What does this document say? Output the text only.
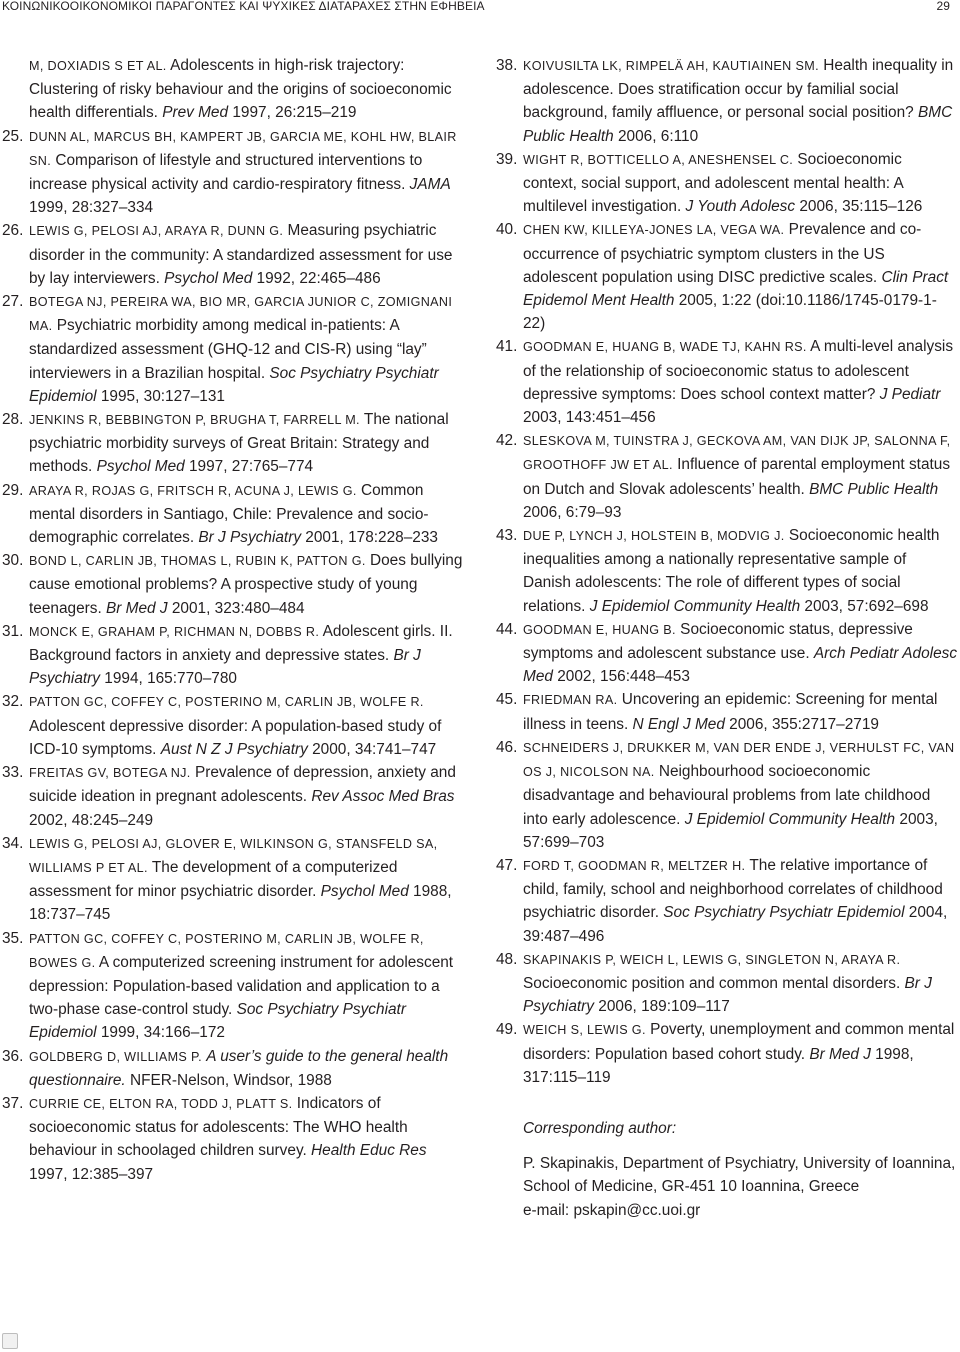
ΚΟΙΝΩΝΙΚΟΟΙΚΟΝΟΜΙΚΟΙ ΠΑΡΑΓΟΝΤΕΣ ΚΑΙ ΨΥΧΙΚΕΣ ΔΙΑΤΑΡΑΧΕΣ ΣΤΗΝ ΕΦΗΒΕΙΑ	29
M, DOXIADIS S ET AL. Adolescents in high-risk trajectory: Clustering of risky behaviour and the origins of socioeconomic health differentials. Prev Med 1997, 26:215–219
25. DUNN AL, MARCUS BH, KAMPERT JB, GARCIA ME, KOHL HW, BLAIR SN. Comparison of lifestyle and structured interventions to increase physical activity and cardio-respiratory fitness. JAMA 1999, 28:327–334
26. LEWIS G, PELOSI AJ, ARAYA R, DUNN G. Measuring psychiatric disorder in the community: A standardized assessment for use by lay interviewers. Psychol Med 1992, 22:465–486
27. BOTEGA NJ, PEREIRA WA, BIO MR, GARCIA JUNIOR C, ZOMIGNANI MA. Psychiatric morbidity among medical in-patients: A standardized assessment (GHQ-12 and CIS-R) using “lay” interviewers in a Brazilian hospital. Soc Psychiatry Psychiatr Epidemiol 1995, 30:127–131
28. JENKINS R, BEBBINGTON P, BRUGHA T, FARRELL M. The national psychiatric morbidity surveys of Great Britain: Strategy and methods. Psychol Med 1997, 27:765–774
29. ARAYA R, ROJAS G, FRITSCH R, ACUNA J, LEWIS G. Common mental disorders in Santiago, Chile: Prevalence and socio-demographic correlates. Br J Psychiatry 2001, 178:228–233
30. BOND L, CARLIN JB, THOMAS L, RUBIN K, PATTON G. Does bullying cause emotional problems? A prospective study of young teenagers. Br Med J 2001, 323:480–484
31. MONCK E, GRAHAM P, RICHMAN N, DOBBS R. Adolescent girls. II. Background factors in anxiety and depressive states. Br J Psychiatry 1994, 165:770–780
32. PATTON GC, COFFEY C, POSTERINO M, CARLIN JB, WOLFE R. Adolescent depressive disorder: A population-based study of ICD-10 symptoms. Aust N Z J Psychiatry 2000, 34:741–747
33. FREITAS GV, BOTEGA NJ. Prevalence of depression, anxiety and suicide ideation in pregnant adolescents. Rev Assoc Med Bras 2002, 48:245–249
34. LEWIS G, PELOSI AJ, GLOVER E, WILKINSON G, STANSFELD SA, WILLIAMS P ET AL. The development of a computerized assessment for minor psychiatric disorder. Psychol Med 1988, 18:737–745
35. PATTON GC, COFFEY C, POSTERINO M, CARLIN JB, WOLFE R, BOWES G. A computerized screening instrument for adolescent depression: Population-based validation and application to a two-phase case-control study. Soc Psychiatry Psychiatr Epidemiol 1999, 34:166–172
36. GOLDBERG D, WILLIAMS P. A user’s guide to the general health questionnaire. NFER-Nelson, Windsor, 1988
37. CURRIE CE, ELTON RA, TODD J, PLATT S. Indicators of socioeconomic status for adolescents: The WHO health behaviour in schoolaged children survey. Health Educ Res 1997, 12:385–397
38. KOIVUSILTA LK, RIMPELÄ AH, KAUTIAINEN SM. Health inequality in adolescence. Does stratification occur by familial social background, family affluence, or personal social position? BMC Public Health 2006, 6:110
39. WIGHT R, BOTTICELLO A, ANESHENSEL C. Socioeconomic context, social support, and adolescent mental health: A multilevel investigation. J Youth Adolesc 2006, 35:115–126
40. CHEN KW, KILLEYA-JONES LA, VEGA WA. Prevalence and co-occurrence of psychiatric symptom clusters in the US adolescent population using DISC predictive scales. Clin Pract Epidemol Ment Health 2005, 1:22 (doi:10.1186/1745-0179-1-22)
41. GOODMAN E, HUANG B, WADE TJ, KAHN RS. A multi-level analysis of the relationship of socioeconomic status to adolescent depressive symptoms: Does school context matter? J Pediatr 2003, 143:451–456
42. SLESKOVA M, TUINSTRA J, GECKOVA AM, VAN DIJK JP, SALONNA F, GROOTHOFF JW ET AL. Influence of parental employment status on Dutch and Slovak adolescents’ health. BMC Public Health 2006, 6:79–93
43. DUE P, LYNCH J, HOLSTEIN B, MODVIG J. Socioeconomic health inequalities among a nationally representative sample of Danish adolescents: The role of different types of social relations. J Epidemiol Community Health 2003, 57:692–698
44. GOODMAN E, HUANG B. Socioeconomic status, depressive symptoms and adolescent substance use. Arch Pediatr Adolesc Med 2002, 156:448–453
45. FRIEDMAN RA. Uncovering an epidemic: Screening for mental illness in teens. N Engl J Med 2006, 355:2717–2719
46. SCHNEIDERS J, DRUKKER M, VAN DER ENDE J, VERHULST FC, VAN OS J, NICOLSON NA. Neighbourhood socioeconomic disadvantage and behavioural problems from late childhood into early adolescence. J Epidemiol Community Health 2003, 57:699–703
47. FORD T, GOODMAN R, MELTZER H. The relative importance of child, family, school and neighborhood correlates of childhood psychiatric disorder. Soc Psychiatry Psychiatr Epidemiol 2004, 39:487–496
48. SKAPINAKIS P, WEICH L, LEWIS G, SINGLETON N, ARAYA R. Socioeconomic position and common mental disorders. Br J Psychiatry 2006, 189:109–117
49. WEICH S, LEWIS G. Poverty, unemployment and common mental disorders: Population based cohort study. Br Med J 1998, 317:115–119
Corresponding author:
P. Skapinakis, Department of Psychiatry, University of Ioannina, School of Medicine, GR-451 10 Ioannina, Greece
e-mail: pskapin@cc.uoi.gr
